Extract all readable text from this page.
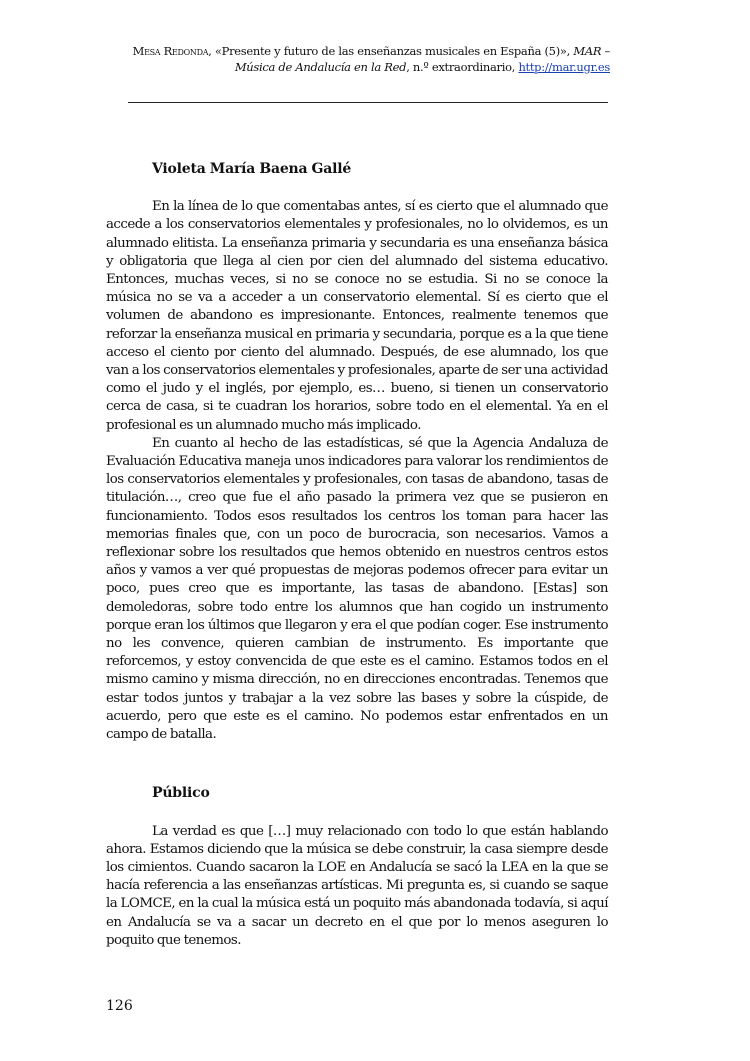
Mesa Redonda, «Presente y futuro de las enseñanzas musicales en España (5)», MAR – Música de Andalucía en la Red, n.º extraordinario, http://mar.ugr.es
Violeta María Baena Gallé

En la línea de lo que comentabas antes, sí es cierto que el alumnado que accede a los conservatorios elementales y profesionales, no lo olvidemos, es un alumnado elitista. La enseñanza primaria y secundaria es una enseñanza básica y obligatoria que llega al cien por cien del alumnado del sistema educativo. Entonces, muchas veces, si no se conoce no se estudia. Si no se conoce la música no se va a acceder a un conservatorio elemental. Sí es cierto que el volumen de abandono es impresionante. Entonces, realmente tenemos que reforzar la enseñanza musical en primaria y secundaria, porque es a la que tiene acceso el ciento por ciento del alumnado. Después, de ese alumnado, los que van a los conservatorios elementales y profesionales, aparte de ser una actividad como el judo y el inglés, por ejemplo, es… bueno, si tienen un conservatorio cerca de casa, si te cuadran los horarios, sobre todo en el elemental. Ya en el profesional es un alumnado mucho más implicado.

En cuanto al hecho de las estadísticas, sé que la Agencia Andaluza de Evaluación Educativa maneja unos indicadores para valorar los rendimientos de los conservatorios elementales y profesionales, con tasas de abandono, tasas de titulación…, creo que fue el año pasado la primera vez que se pusieron en funcionamiento. Todos esos resultados los centros los toman para hacer las memorias finales que, con un poco de burocracia, son necesarios. Vamos a reflexionar sobre los resultados que hemos obtenido en nuestros centros estos años y vamos a ver qué propuestas de mejoras podemos ofrecer para evitar un poco, pues creo que es importante, las tasas de abandono. [Estas] son demoledoras, sobre todo entre los alumnos que han cogido un instrumento porque eran los últimos que llegaron y era el que podían coger. Ese instrumento no les convence, quieren cambian de instrumento. Es importante que reforcemos, y estoy convencida de que este es el camino. Estamos todos en el mismo camino y misma dirección, no en direcciones encontradas. Tenemos que estar todos juntos y trabajar a la vez sobre las bases y sobre la cúspide, de acuerdo, pero que este es el camino. No podemos estar enfrentados en un campo de batalla.

Público

La verdad es que […] muy relacionado con todo lo que están hablando ahora. Estamos diciendo que la música se debe construir, la casa siempre desde los cimientos. Cuando sacaron la LOE en Andalucía se sacó la LEA en la que se hacía referencia a las enseñanzas artísticas. Mi pregunta es, si cuando se saque la LOMCE, en la cual la música está un poquito más abandonada todavía, si aquí en Andalucía se va a sacar un decreto en el que por lo menos aseguren lo poquito que tenemos.

126
